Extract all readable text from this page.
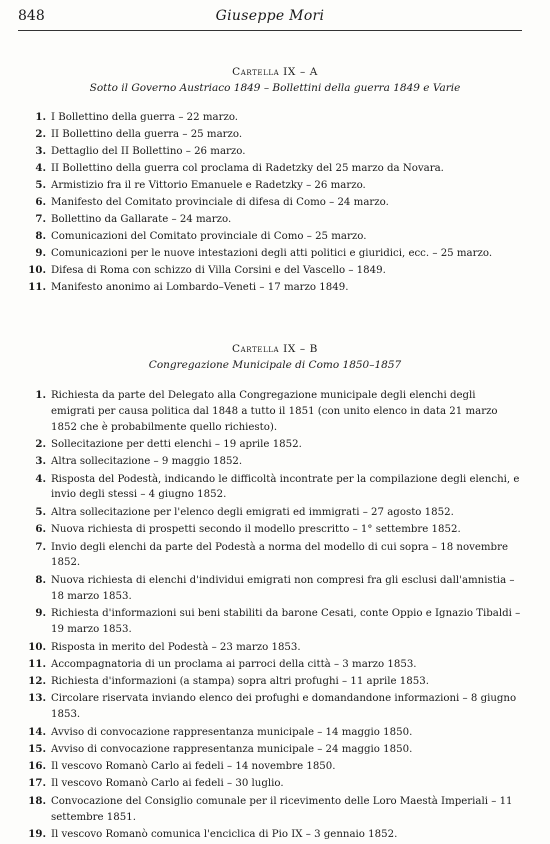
848	Giuseppe Mori
Cartella IX – A
Sotto il Governo Austriaco 1849 – Bollettini della guerra 1849 e Varie
1. I Bollettino della guerra – 22 marzo.
2. II Bollettino della guerra – 25 marzo.
3. Dettaglio del II Bollettino – 26 marzo.
4. II Bollettino della guerra col proclama di Radetzky del 25 marzo da Novara.
5. Armistizio fra il re Vittorio Emanuele e Radetzky – 26 marzo.
6. Manifesto del Comitato provinciale di difesa di Como – 24 marzo.
7. Bollettino da Gallarate – 24 marzo.
8. Comunicazioni del Comitato provinciale di Como – 25 marzo.
9. Comunicazioni per le nuove intestazioni degli atti politici e giuridici, ecc. – 25 marzo.
10. Difesa di Roma con schizzo di Villa Corsini e del Vascello – 1849.
11. Manifesto anonimo ai Lombardo–Veneti – 17 marzo 1849.
Cartella IX – B
Congregazione Municipale di Como 1850–1857
1. Richiesta da parte del Delegato alla Congregazione municipale degli elenchi degli emigrati per causa politica dal 1848 a tutto il 1851 (con unito elenco in data 21 marzo 1852 che è probabilmente quello richiesto).
2. Sollecitazione per detti elenchi – 19 aprile 1852.
3. Altra sollecitazione – 9 maggio 1852.
4. Risposta del Podestà, indicando le difficoltà incontrate per la compilazione degli elenchi, e invio degli stessi – 4 giugno 1852.
5. Altra sollecitazione per l'elenco degli emigrati ed immigrati – 27 agosto 1852.
6. Nuova richiesta di prospetti secondo il modello prescritto – 1° settembre 1852.
7. Invio degli elenchi da parte del Podestà a norma del modello di cui sopra – 18 novembre 1852.
8. Nuova richiesta di elenchi d'individui emigrati non compresi fra gli esclusi dall'amnistia – 18 marzo 1853.
9. Richiesta d'informazioni sui beni stabiliti da barone Cesati, conte Oppio e Ignazio Tibaldi – 19 marzo 1853.
10. Risposta in merito del Podestà – 23 marzo 1853.
11. Accompagnatoria di un proclama ai parroci della città – 3 marzo 1853.
12. Richiesta d'informazioni (a stampa) sopra altri profughi – 11 aprile 1853.
13. Circolare riservata inviando elenco dei profughi e domandandone informazioni – 8 giugno 1853.
14. Avviso di convocazione rappresentanza municipale – 14 maggio 1850.
15. Avviso di convocazione rappresentanza municipale – 24 maggio 1850.
16. Il vescovo Romanò Carlo ai fedeli – 14 novembre 1850.
17. Il vescovo Romanò Carlo ai fedeli – 30 luglio.
18. Convocazione del Consiglio comunale per il ricevimento delle Loro Maestà Imperiali – 11 settembre 1851.
19. Il vescovo Romanò comunica l'enciclica di Pio IX – 3 gennaio 1852.
